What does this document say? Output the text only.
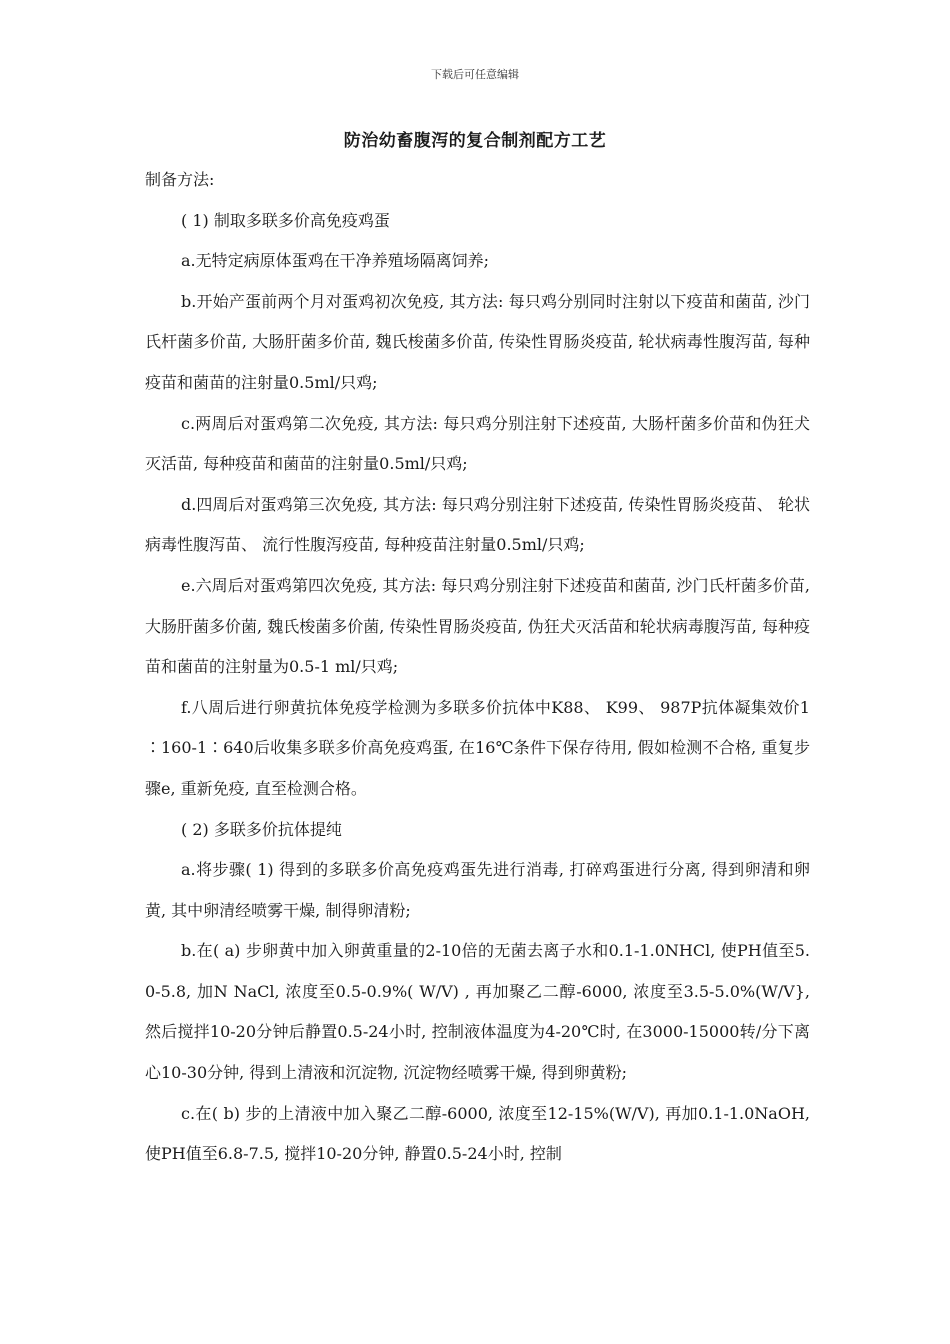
下载后可任意编辑
防治幼畜腹泻的复合制剂配方工艺

制备方法:

( 1) 制取多联多价高免疫鸡蛋

a.无特定病原体蛋鸡在干净养殖场隔离饲养;

b.开始产蛋前两个月对蛋鸡初次免疫, 其方法: 每只鸡分别同时注射以下疫苗和菌苗, 沙门氏杆菌多价苗, 大肠肝菌多价苗, 魏氏梭菌多价苗, 传染性胃肠炎疫苗, 轮状病毒性腹泻苗, 每种疫苗和菌苗的注射量0.5ml/只鸡;

c.两周后对蛋鸡第二次免疫, 其方法: 每只鸡分别注射下述疫苗, 大肠杆菌多价苗和伪狂犬灭活苗, 每种疫苗和菌苗的注射量0.5ml/只鸡;

d.四周后对蛋鸡第三次免疫, 其方法: 每只鸡分别注射下述疫苗, 传染性胃肠炎疫苗、 轮状病毒性腹泻苗、 流行性腹泻疫苗, 每种疫苗注射量0.5ml/只鸡;

e.六周后对蛋鸡第四次免疫, 其方法: 每只鸡分别注射下述疫苗和菌苗, 沙门氏杆菌多价苗, 大肠肝菌多价菌, 魏氏梭菌多价菌, 传染性胃肠炎疫苗, 伪狂犬灭活苗和轮状病毒腹泻苗, 每种疫苗和菌苗的注射量为0.5-1 ml/只鸡;

f.八周后进行卵黄抗体免疫学检测为多联多价抗体中K88、 K99、 987P抗体凝集效价1∶160-1∶640后收集多联多价高免疫鸡蛋, 在16℃条件下保存待用, 假如检测不合格, 重复步骤e, 重新免疫, 直至检测合格。

( 2) 多联多价抗体提纯

a.将步骤( 1) 得到的多联多价高免疫鸡蛋先进行消毒, 打碎鸡蛋进行分离, 得到卵清和卵黄, 其中卵清经喷雾干燥, 制得卵清粉;

b.在( a) 步卵黄中加入卵黄重量的2-10倍的无菌去离子水和0.1-1.0NHCl, 使PH值至5.0-5.8, 加N NaCl, 浓度至0.5-0.9%( W/V) , 再加聚乙二醇-6000, 浓度至3.5-5.0%(W/V}, 然后搅拌10-20分钟后静置0.5-24小时, 控制液体温度为4-20℃时, 在3000-15000转/分下离心10-30分钟, 得到上清液和沉淀物, 沉淀物经喷雾干燥, 得到卵黄粉;

c.在( b) 步的上清液中加入聚乙二醇-6000, 浓度至12-15%(W/V), 再加0.1-1.0NaOH, 使PH值至6.8-7.5, 搅拌10-20分钟, 静置0.5-24小时, 控制
